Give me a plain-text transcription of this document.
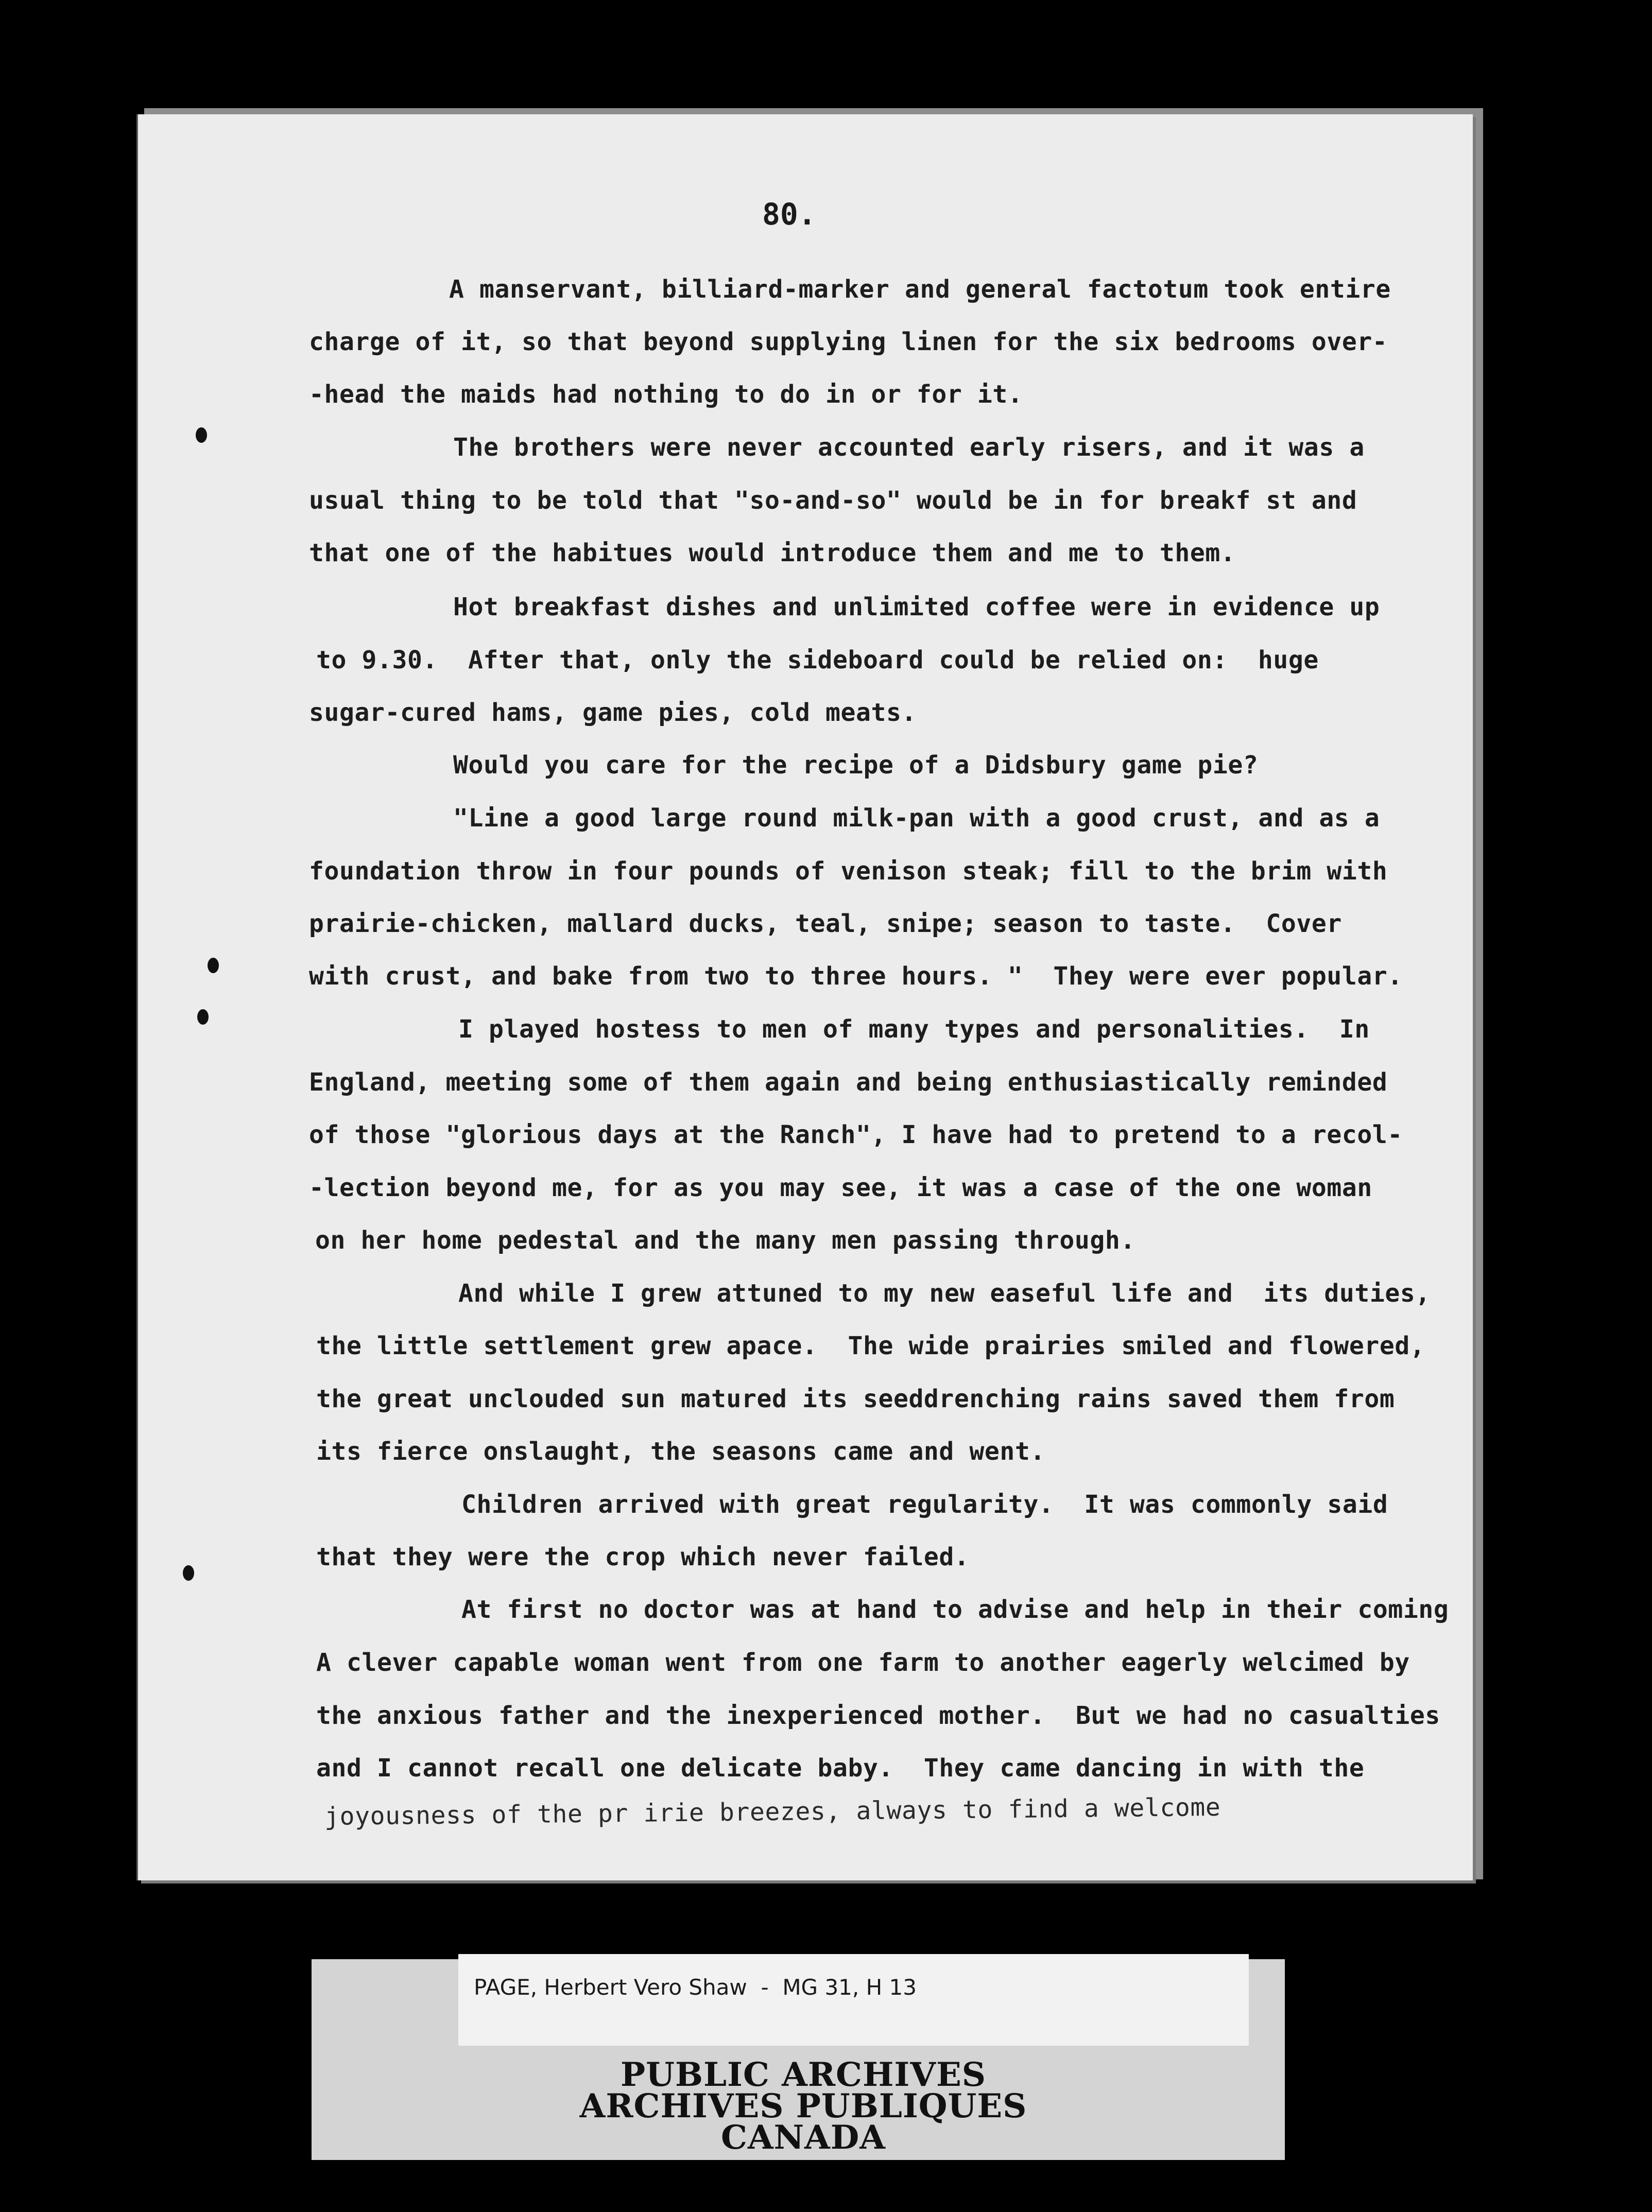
80.
A manservant, billiard-marker and general factotum took entire
charge of it, so that beyond supplying linen for the six bedrooms over-
-head the maids had nothing to do in or for it.
The brothers were never accounted early risers, and it was a
usual thing to be told that "so-and-so" would be in for breakf st and
that one of the habitues would introduce them and me to them.
Hot breakfast dishes and unlimited coffee were in evidence up
to 9.30.  After that, only the sideboard could be relied on:  huge
sugar-cured hams, game pies, cold meats.
Would you care for the recipe of a Didsbury game pie?
"Line a good large round milk-pan with a good crust, and as a
foundation throw in four pounds of venison steak; fill to the brim with
prairie-chicken, mallard ducks, teal, snipe; season to taste.  Cover
with crust, and bake from two to three hours. "  They were ever popular.
I played hostess to men of many types and personalities.  In
England, meeting some of them again and being enthusiastically reminded
of those "glorious days at the Ranch", I have had to pretend to a recol-
-lection beyond me, for as you may see, it was a case of the one woman
on her home pedestal and the many men passing through.
And while I grew attuned to my new easeful life and  its duties,
the little settlement grew apace.  The wide prairies smiled and flowered,
the great unclouded sun matured its seeddrenching rains saved them from
its fierce onslaught, the seasons came and went.
Children arrived with great regularity.  It was commonly said
that they were the crop which never failed.
At first no doctor was at hand to advise and help in their coming
A clever capable woman went from one farm to another eagerly welcimed by
the anxious father and the inexperienced mother.  But we had no casualties
and I cannot recall one delicate baby.  They came dancing in with the
joyousness of the pr irie breezes, always to find a welcome
PAGE, Herbert Vero Shaw  -  MG 31, H 13
PUBLIC ARCHIVES
ARCHIVES PUBLIQUES
CANADA
